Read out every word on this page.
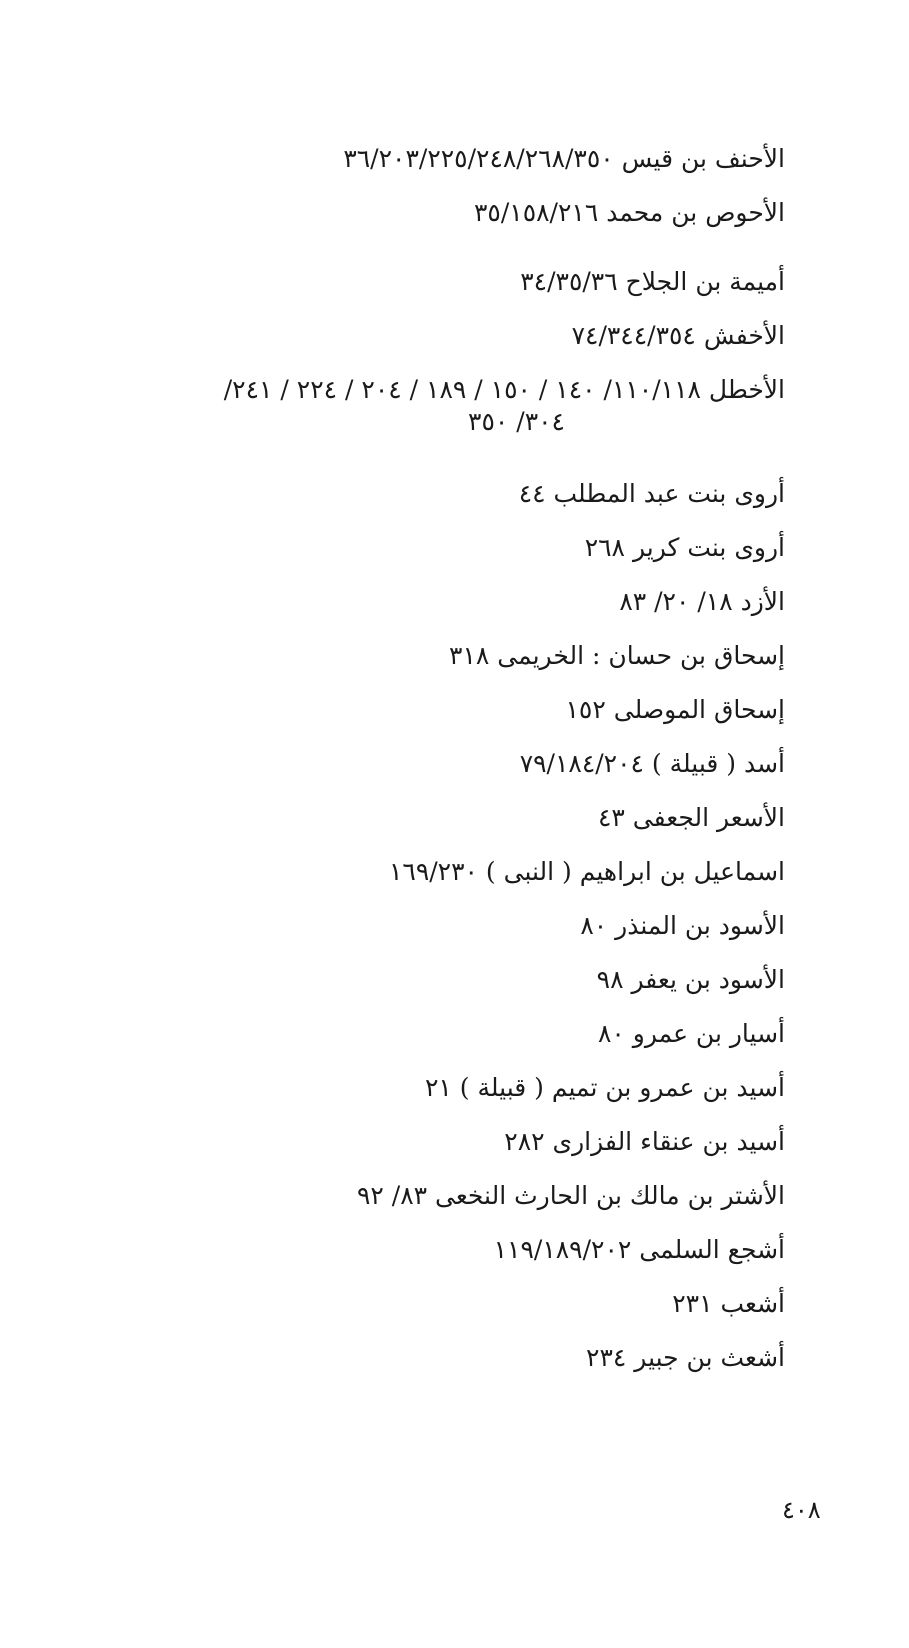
الأحنف بن قيس ٣٦/٢٠٣/٢٢٥/٢٤٨/٢٦٨/٣٥٠
الأحوص بن محمد ٣٥/١٥٨/٢١٦
أميمة بن الجلاح ٣٤/٣٥/٣٦
الأخفش ٧٤/٣٤٤/٣٥٤
الأخطل ١١٠/١١٨/ ١٤٠ / ١٥٠ / ١٨٩ / ٢٠٤ / ٢٢٤ / ٢٤١/
٣٠٤/ ٣٥٠
أروى بنت عبد المطلب ٤٤
أروى بنت كرير ٢٦٨
الأزد ١٨/ ٢٠/ ٨٣
إسحاق بن حسان : الخريمى ٣١٨
إسحاق الموصلى ١٥٢
أسد ( قبيلة ) ٧٩/١٨٤/٢٠٤
الأسعر الجعفى ٤٣
اسماعيل بن ابراهيم ( النبى ) ١٦٩/٢٣٠
الأسود بن المنذر ٨٠
الأسود بن يعفر ٩٨
أسيار بن عمرو ٨٠
أسيد بن عمرو بن تميم ( قبيلة ) ٢١
أسيد بن عنقاء الفزارى ٢٨٢
الأشتر بن مالك بن الحارث النخعى ٨٣/ ٩٢
أشجع السلمى ١١٩/١٨٩/٢٠٢
أشعب ٢٣١
أشعث بن جبير ٢٣٤
٤٠٨
